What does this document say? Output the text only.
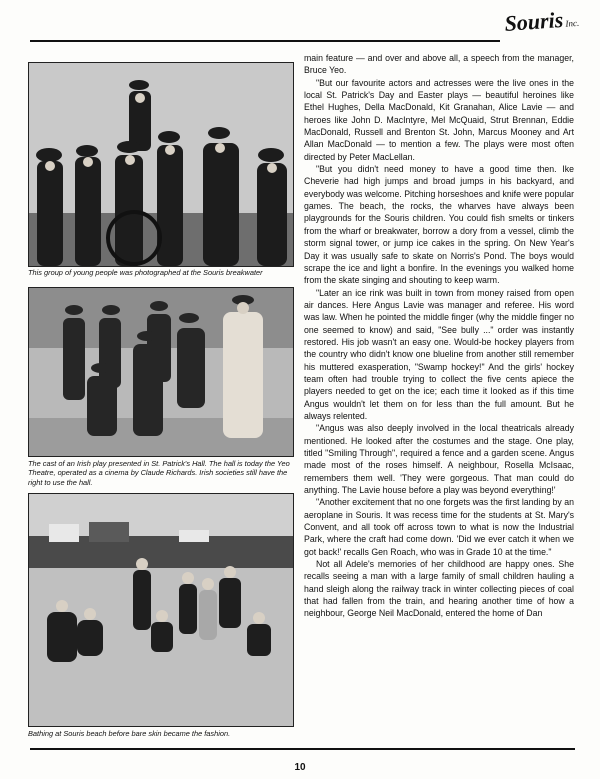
SourisInc.
This group of young people was photographed at the Souris breakwater
The cast of an Irish play presented in St. Patrick's Hall. The hall is today the Yeo Theatre, operated as a cinema by Claude Richards. Irish societies still have the right to use the hall.
Bathing at Souris beach before bare skin became the fashion.

main feature — and over and above all, a speech from the manager, Bruce Yeo.

"But our favourite actors and actresses were the live ones in the local St. Patrick's Day and Easter plays — beautiful heroines like Ethel Hughes, Della MacDonald, Kit Granahan, Alice Lavie — and heroes like John D. MacIntyre, Mel McQuaid, Strut Brennan, Eddie MacDonald, Russell and Brenton St. John, Marcus Mooney and Art Allan MacDonald — to mention a few. The plays were most often directed by Peter MacLellan.

"But you didn't need money to have a good time then. Ike Cheverie had high jumps and broad jumps in his backyard, and everybody was welcome. Pitching horseshoes and knife were popular games. The beach, the rocks, the wharves have always been playgrounds for the Souris children. You could fish smelts or tinkers from the wharf or breakwater, borrow a dory from a vessel, climb the storm signal tower, or jump ice cakes in the spring. On New Year's Day it was usually safe to skate on Norris's Pond. The boys would scrape the ice and light a bonfire. In the evenings you walked home from the skate singing and shouting to keep warm.

"Later an ice rink was built in town from money raised from open air dances. Here Angus Lavie was manager and referee. His word was law. When he pointed the middle finger (why the middle finger no one seemed to know) and said, "See bully ..." order was instantly restored. His job wasn't an easy one. Would-be hockey players from the country who didn't know one blueline from another still remember his muttered exasperation, "Swamp hockey!" And the girls' hockey team often had trouble trying to collect the five cents apiece the players needed to get on the ice; each time it looked as if this time Angus wouldn't let them on for less than the full amount. But he always relented.

"Angus was also deeply involved in the local theatricals already mentioned. He looked after the costumes and the stage. One play, titled "Smiling Through", required a fence and a garden scene. Angus made most of the roses himself. A neighbour, Rosella McIsaac, remembers them well. 'They were gorgeous. That man could do anything. The Lavie house before a play was beyond everything!'

"Another excitement that no one forgets was the first landing by an aeroplane in Souris. It was recess time for the students at St. Mary's Convent, and all took off across town to what is now the Industrial Park, where the craft had come down. 'Did we ever catch it when we got back!' recalls Gen Roach, who was in Grade 10 at the time."

Not all Adele's memories of her childhood are happy ones. She recalls seeing a man with a large family of small children hauling a hand sleigh along the railway track in winter collecting pieces of coal that had fallen from the train, and hearing another time of how a neighbour, George Neil MacDonald, entered the home of Dan

10
